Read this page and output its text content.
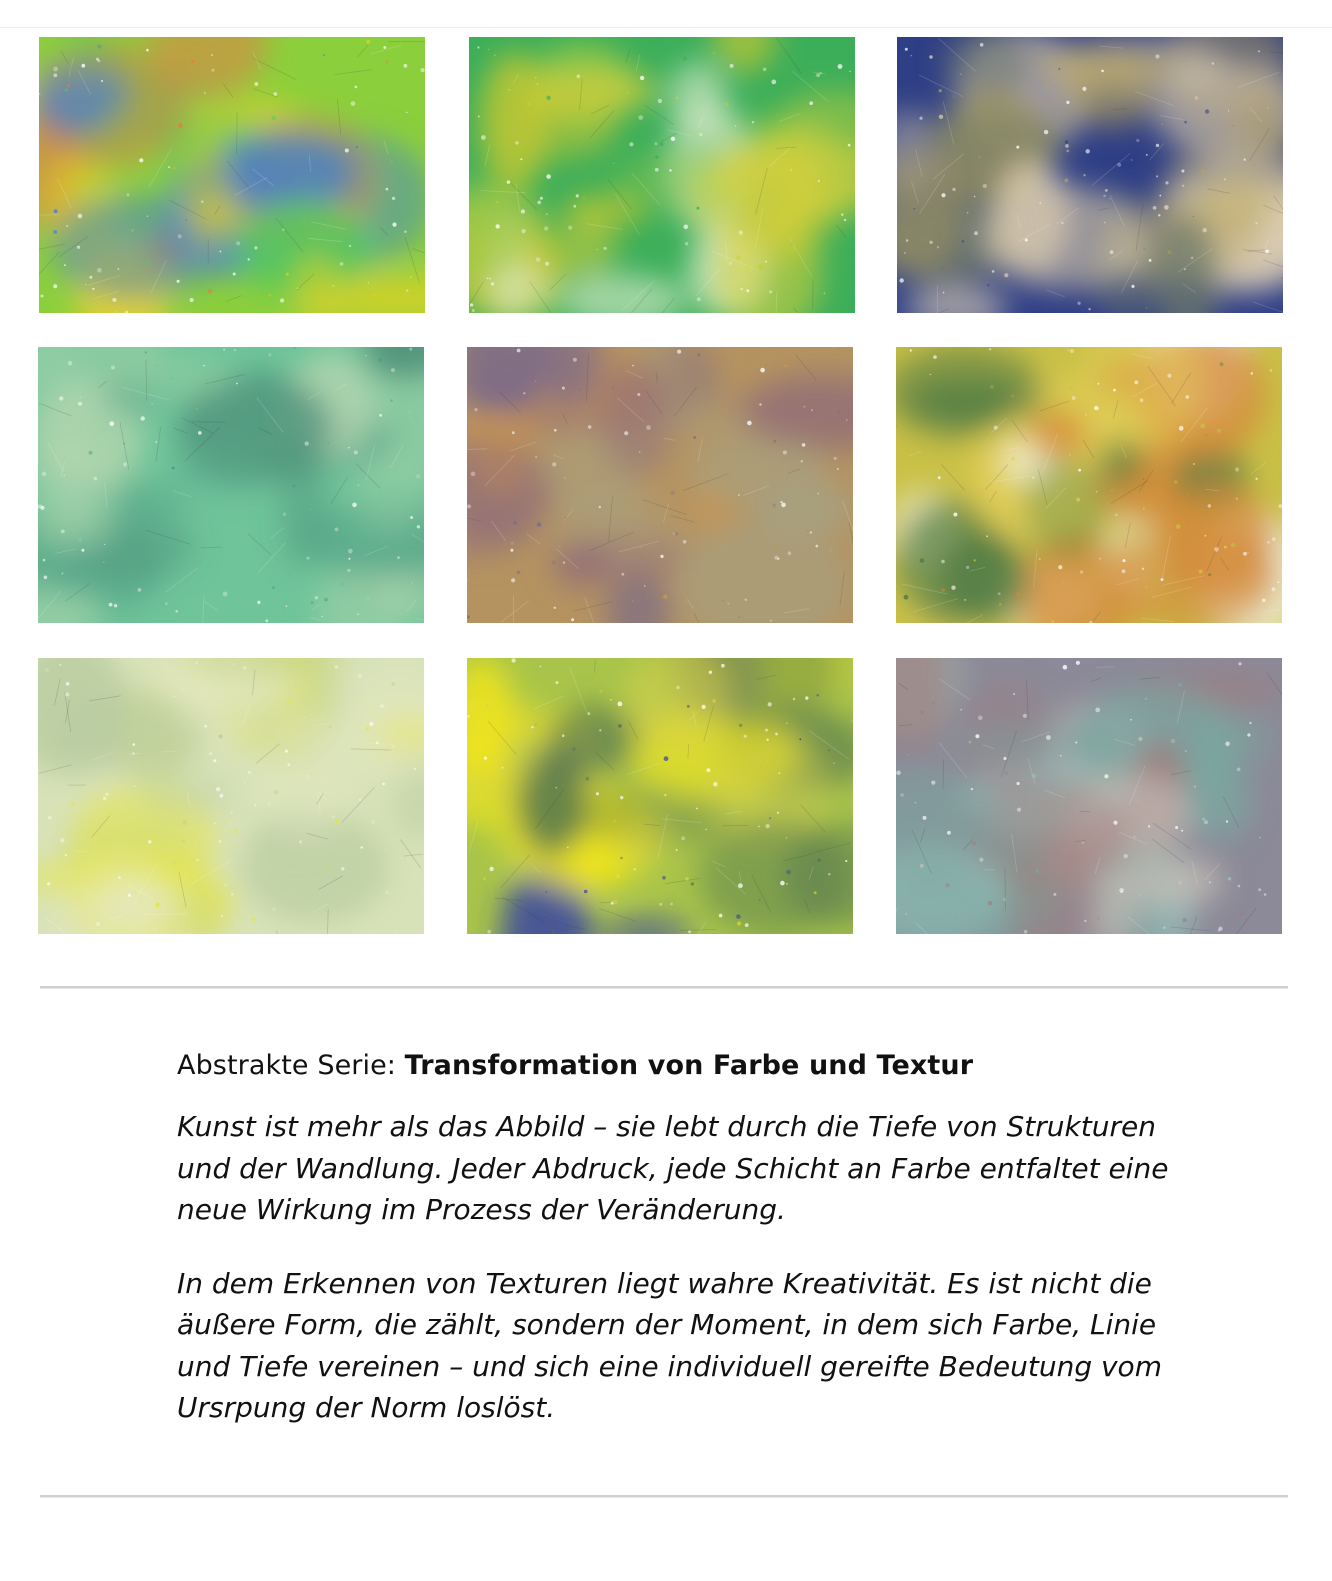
Abstrakte Serie: Transformation von Farbe und Textur

Kunst ist mehr als das Abbild – sie lebt durch die Tiefe von Strukturen und der Wandlung. Jeder Abdruck, jede Schicht an Farbe entfaltet eine neue Wirkung im Prozess der Veränderung.

In dem Erkennen von Texturen liegt wahre Kreativität. Es ist nicht die äußere Form, die zählt, sondern der Moment, in dem sich Farbe, Linie und Tiefe vereinen – und sich eine individuell gereifte Bedeutung vom Ursrpung der Norm loslöst.
